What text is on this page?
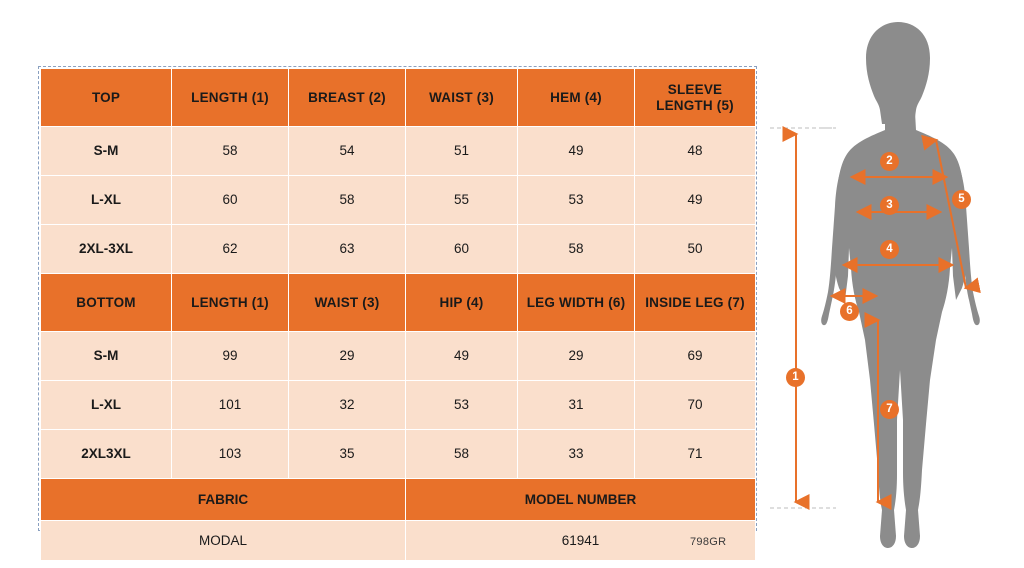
TOP	LENGTH (1)	BREAST (2)	WAIST (3)	HEM (4)	SLEEVE
LENGTH (5)

S-M	58	54	51	49	48
L-XL	60	58	55	53	49
2XL-3XL	62	63	60	58	50
BOTTOM	LENGTH (1)	WAIST (3)	HIP (4)	LEG WIDTH (6)	INSIDE LEG (7)
S-M	99	29	49	29	69
L-XL	101	32	53	31	70
2XL3XL	103	35	58	33	71
FABRIC			MODEL NUMBER		
MODAL			61941			798GR
1
2
3
4
5
6
7
